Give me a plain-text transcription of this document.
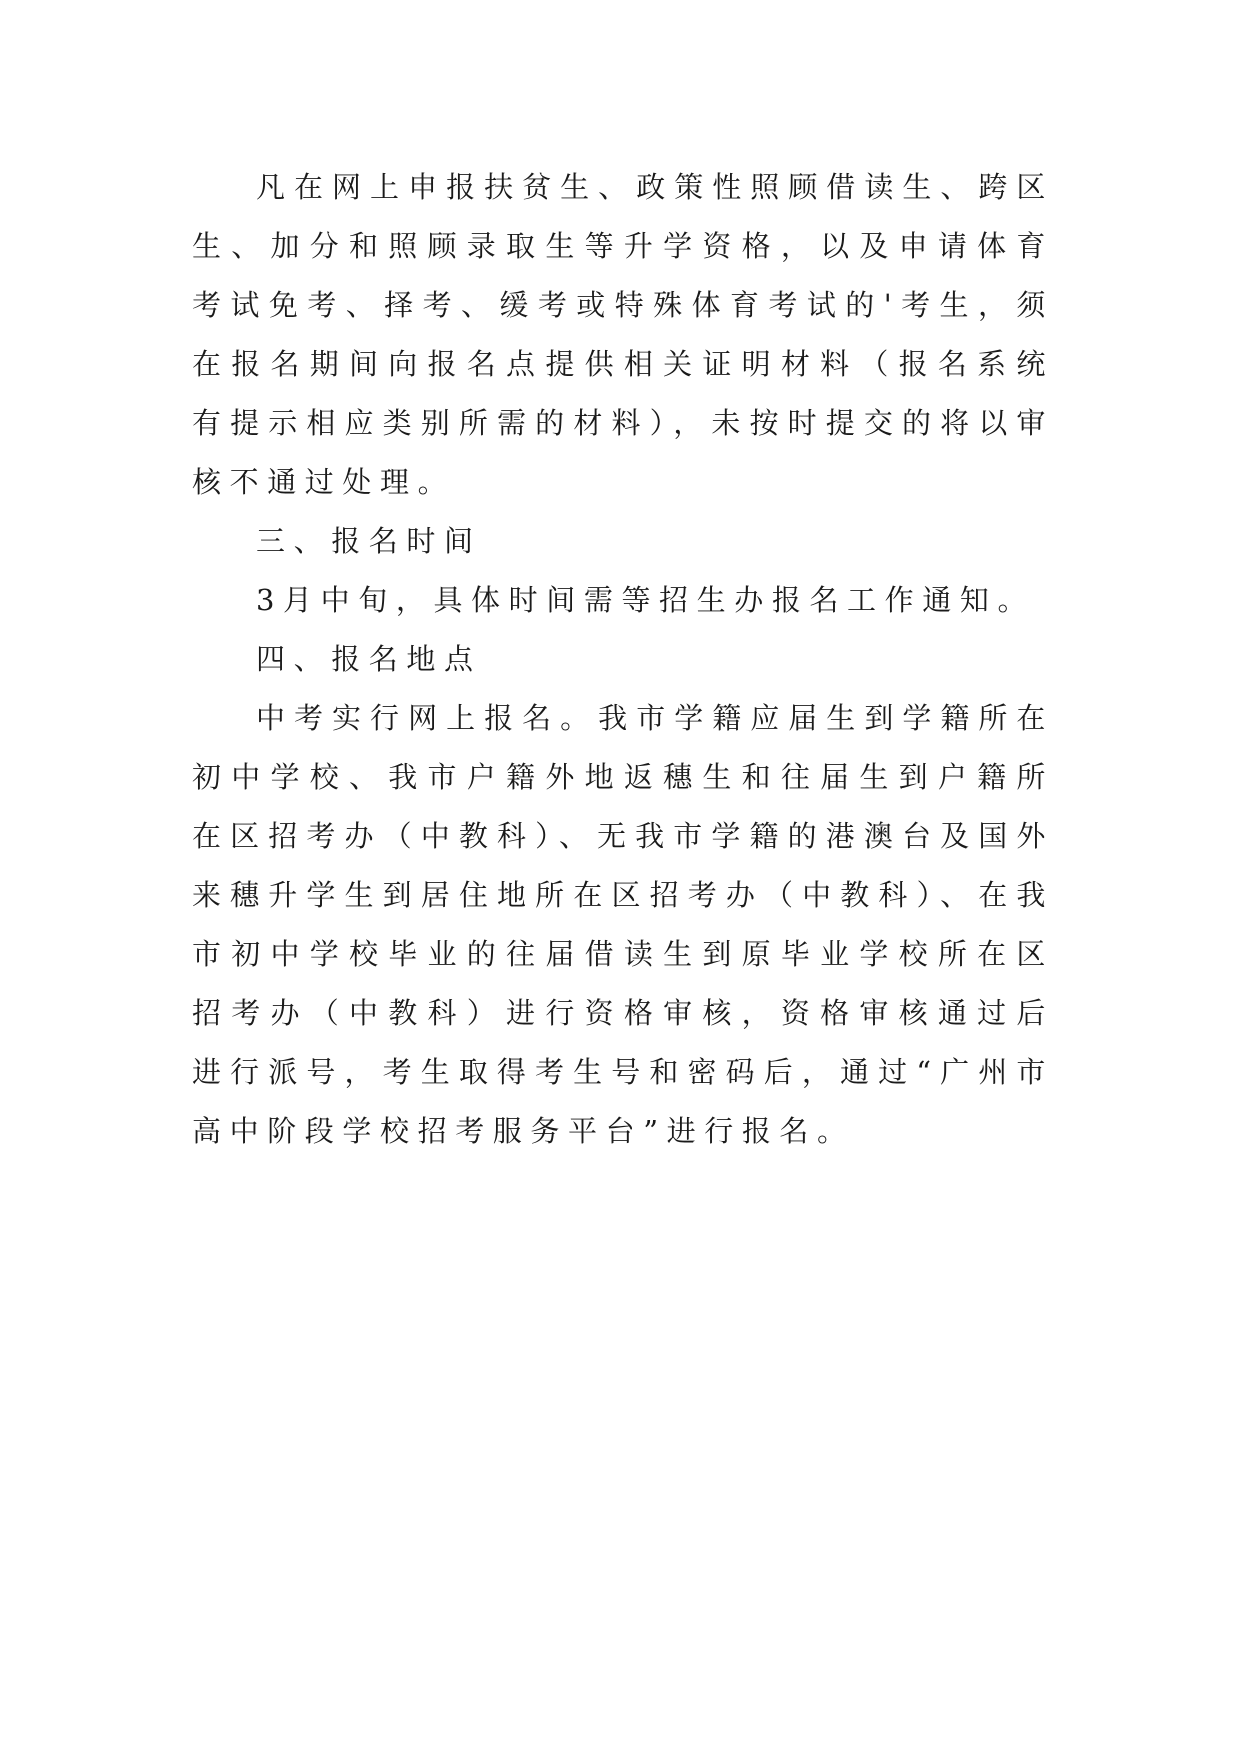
凡在网上申报扶贫生、政策性照顾借读生、跨区生、加分和照顾录取生等升学资格，以及申请体育考试免考、择考、缓考或特殊体育考试的'考生，须在报名期间向报名点提供相关证明材料（报名系统有提示相应类别所需的材料），未按时提交的将以审核不通过处理。

三、报名时间

3月中旬，具体时间需等招生办报名工作通知。

四、报名地点

中考实行网上报名。我市学籍应届生到学籍所在初中学校、我市户籍外地返穗生和往届生到户籍所在区招考办（中教科）、无我市学籍的港澳台及国外来穗升学生到居住地所在区招考办（中教科）、在我市初中学校毕业的往届借读生到原毕业学校所在区招考办（中教科）进行资格审核，资格审核通过后进行派号，考生取得考生号和密码后，通过“广州市高中阶段学校招考服务平台”进行报名。
